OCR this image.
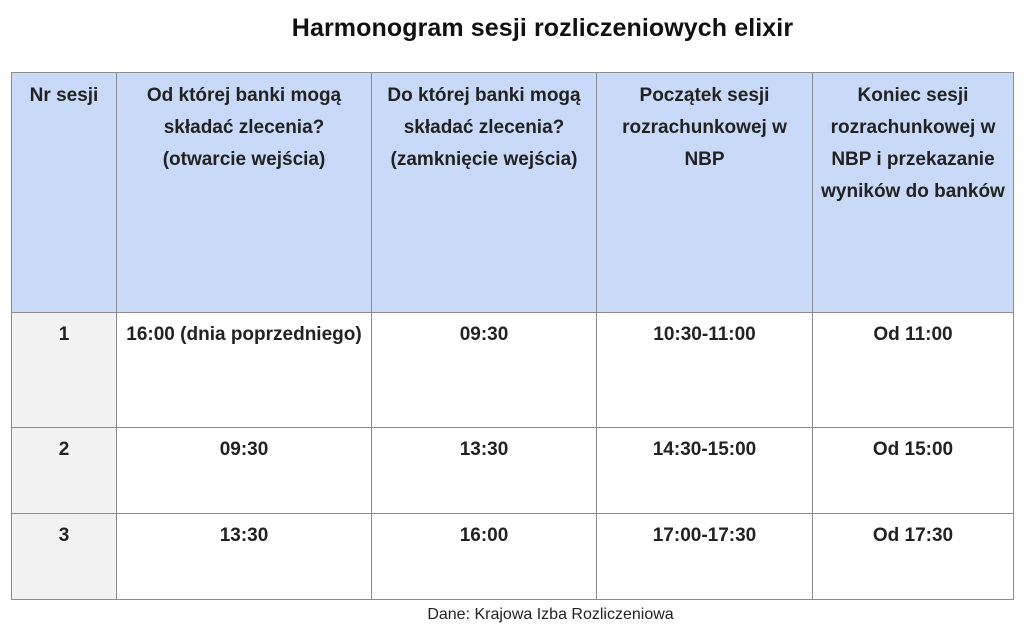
Harmonogram sesji rozliczeniowych elixir
Nr sesji	Od której banki mogą składać zlecenia? (otwarcie wejścia)	Do której banki mogą składać zlecenia? (zamknięcie wejścia)	Początek sesji rozrachunkowej w NBP	Koniec sesji rozrachunkowej w NBP i przekazanie wyników do banków
1	16:00 (dnia poprzedniego)	09:30	10:30-11:00	Od 11:00
2	09:30	13:30	14:30-15:00	Od 15:00
3	13:30	16:00	17:00-17:30	Od 17:30
Dane: Krajowa Izba Rozliczeniowa
